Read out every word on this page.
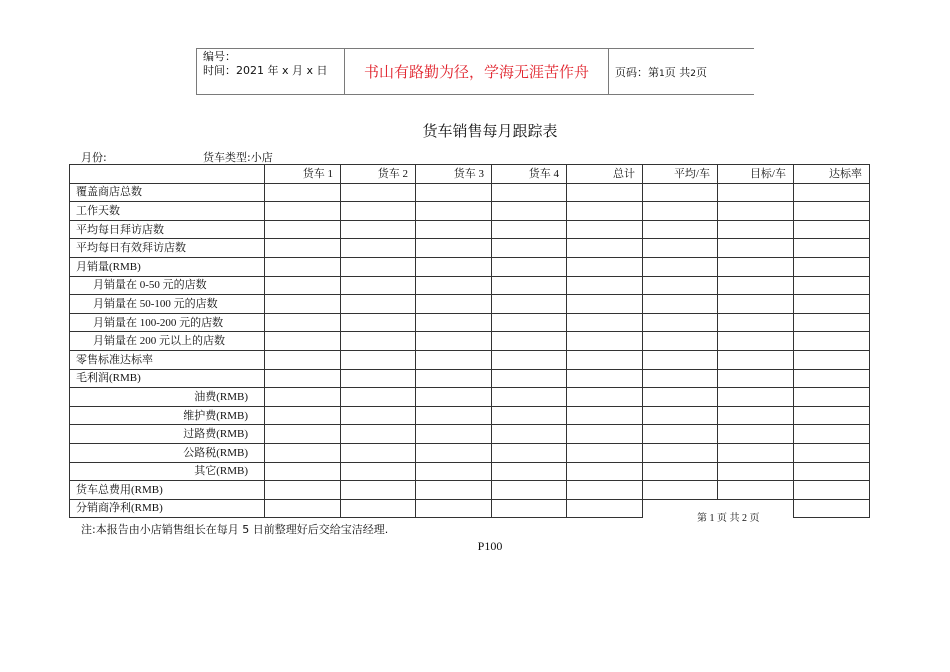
编号：
时间：2021 年 x 月 x 日	书山有路勤为径，学海无涯苦作舟	页码：第1页 共2页
货车销售每月跟踪表
月份:	货车类型:小店
	货车 1	货车 2	货车 3	货车 4	总计	平均/车	目标/车	达标率
覆盖商店总数								
工作天数								
平均每日拜访店数								
平均每日有效拜访店数								
月销量(RMB)								
月销量在 0-50 元的店数								
月销量在 50-100 元的店数								
月销量在 100-200 元的店数								
月销量在 200 元以上的店数								
零售标准达标率								
毛利润(RMB)								
油费(RMB)								
维护费(RMB)								
过路费(RMB)								
公路税(RMB)								
其它(RMB)								
货车总费用(RMB)								
分销商净利(RMB)								
第 1 页 共 2 页
注:本报告由小店销售组长在每月 5 日前整理好后交给宝洁经理.
P100
